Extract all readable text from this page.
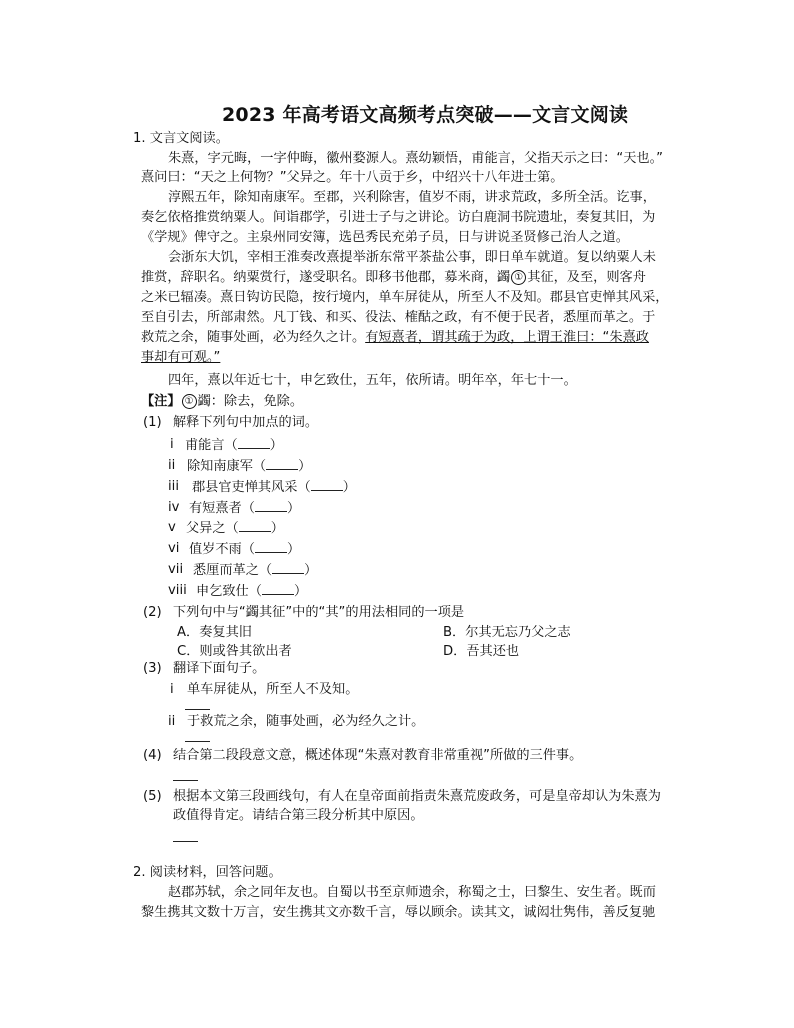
2023 年高考语文高频考点突破——文言文阅读
1. 文言文阅读。
朱熹，字元晦，一字仲晦，徽州婺源人。熹幼颖悟，甫能言，父指天示之曰：“天也。”
熹问曰：“天之上何物？”父异之。年十八贡于乡，中绍兴十八年进士第。
淳熙五年，除知南康军。至郡，兴利除害，值岁不雨，讲求荒政，多所全活。讫事，
奏乞依格推赏纳粟人。间诣郡学，引进士子与之讲论。访白鹿洞书院遗址，奏复其旧，为
《学规》俾守之。主泉州同安簿，选邑秀民充弟子员，日与讲说圣贤修己治人之道。
会浙东大饥，宰相王淮奏改熹提举浙东常平茶盐公事，即日单车就道。复以纳粟人未
推赏，辞职名。纳粟赏行，遂受职名。即移书他郡，募米商，蠲 ① 其征，及至，则客舟
之米已辐凑。熹日钩访民隐，按行境内，单车屏徒从，所至人不及知。郡县官吏惮其风采，
至自引去，所部肃然。凡丁钱、和买、役法、榷酤之政，有不便于民者，悉厘而革之。于
救荒之余，随事处画，必为经久之计。有短熹者，谓其疏于为政，上谓王淮曰：“朱熹政
事却有可观。”
四年，熹以年近七十，申乞致仕，五年，依所请。明年卒，年七十一。
【注】 ① 蠲：除去，免除。
(1) 解释下列句中加点的词。
i 甫能言（ ）
ii 除知南康军（ ）
iii 郡县官吏惮其风采（ ）
iv 有短熹者（ ）
v 父异之（ ）
vi 值岁不雨（ ）
vii 悉厘而革之（ ）
viii 申乞致仕（ ）
(2) 下列句中与“蠲其征”中的“其”的用法相同的一项是
A．奏复其旧	B．尔其无忘乃父之志
C．则或咎其欲出者	D．吾其还也
(3) 翻译下面句子。
i 单车屏徒从，所至人不及知。
ii 于救荒之余，随事处画，必为经久之计。
(4) 结合第二段段意文意，概述体现“朱熹对教育非常重视”所做的三件事。
(5) 根据本文第三段画线句，有人在皇帝面前指责朱熹荒废政务，可是皇帝却认为朱熹为
政值得肯定。请结合第三段分析其中原因。
2. 阅读材料，回答问题。
赵郡苏轼，余之同年友也。自蜀以书至京师遗余，称蜀之士，曰黎生、安生者。既而
黎生携其文数十万言，安生携其文亦数千言，辱以顾余。读其文，诚闳壮隽伟，善反复驰
